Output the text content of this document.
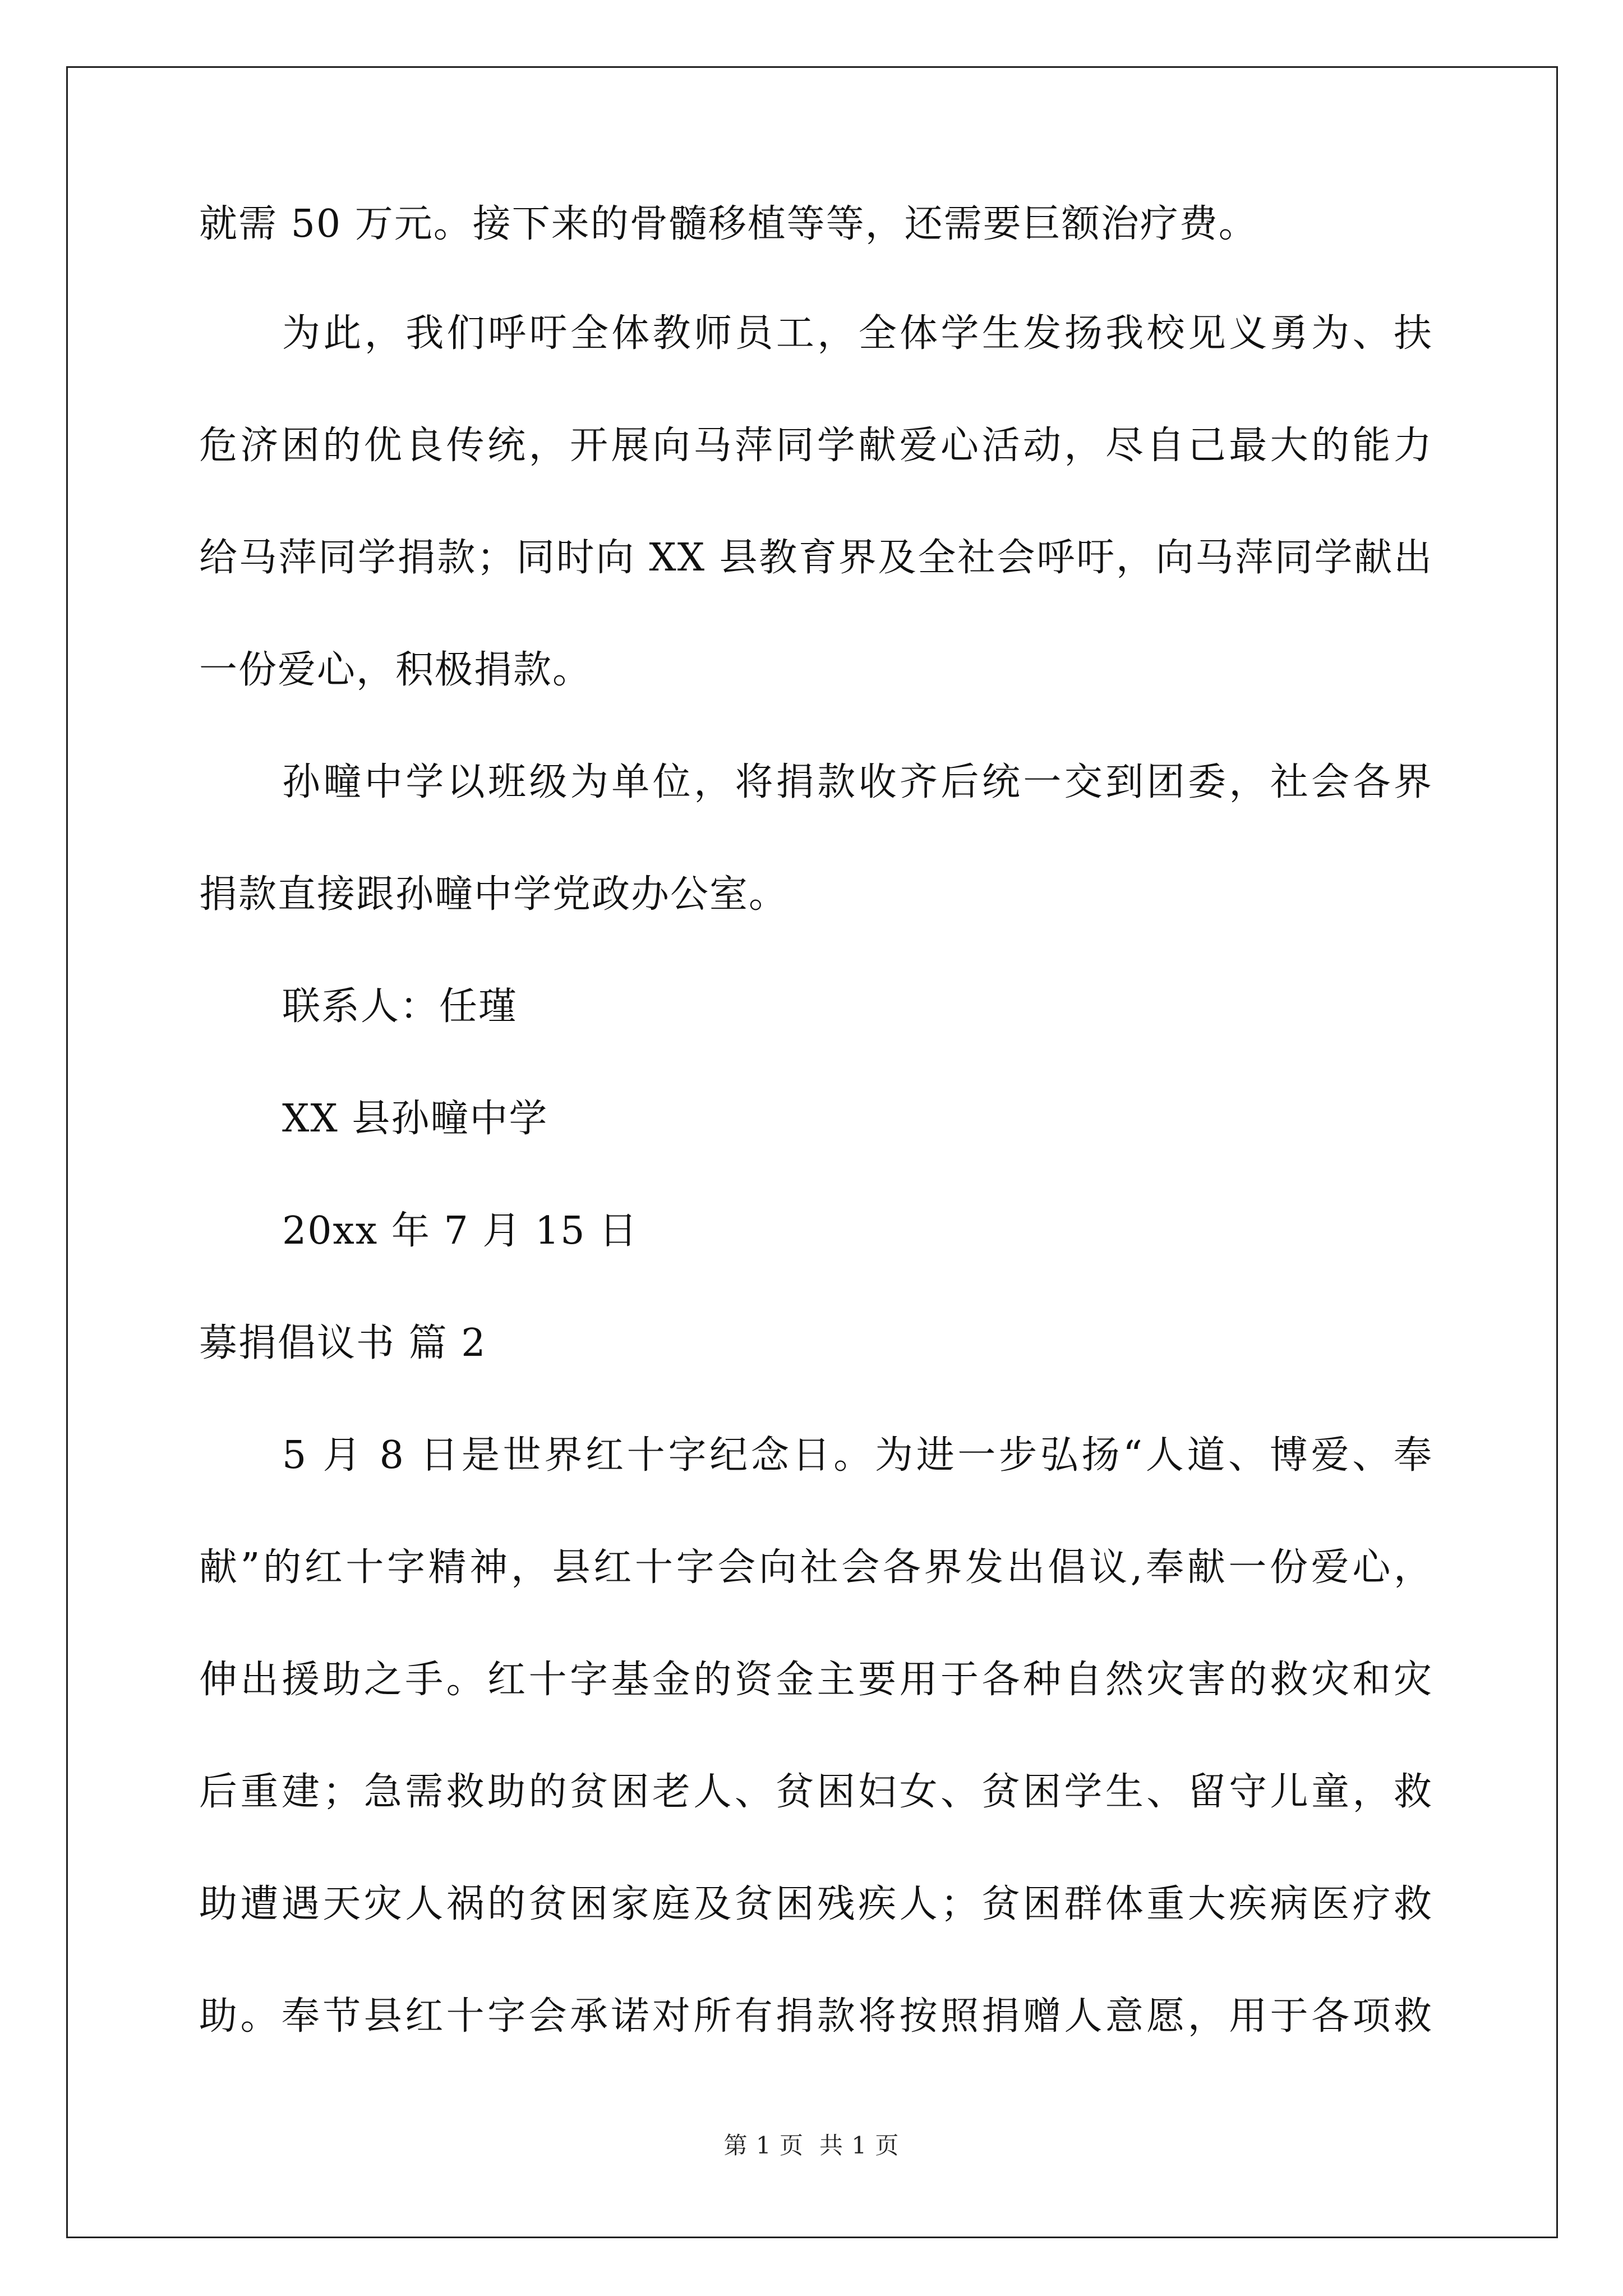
就需 50 万元。接下来的骨髓移植等等，还需要巨额治疗费。
为此，我们呼吁全体教师员工，全体学生发扬我校见义勇为、扶
危济困的优良传统，开展向马萍同学献爱心活动，尽自己最大的能力
给马萍同学捐款；同时向 XX 县教育界及全社会呼吁，向马萍同学献出
一份爱心，积极捐款。
孙疃中学以班级为单位，将捐款收齐后统一交到团委，社会各界
捐款直接跟孙疃中学党政办公室。
联系人：任瑾
XX 县孙疃中学
20xx 年 7 月 15 日
募捐倡议书 篇 2
5 月 8 日是世界红十字纪念日。为进一步弘扬“人道、博爱、奉
献”的红十字精神，县红十字会向社会各界发出倡议,奉献一份爱心，
伸出援助之手。红十字基金的资金主要用于各种自然灾害的救灾和灾
后重建；急需救助的贫困老人、贫困妇女、贫困学生、留守儿童，救
助遭遇天灾人祸的贫困家庭及贫困残疾人；贫困群体重大疾病医疗救
助。奉节县红十字会承诺对所有捐款将按照捐赠人意愿，用于各项救
第 1 页 共 1 页
